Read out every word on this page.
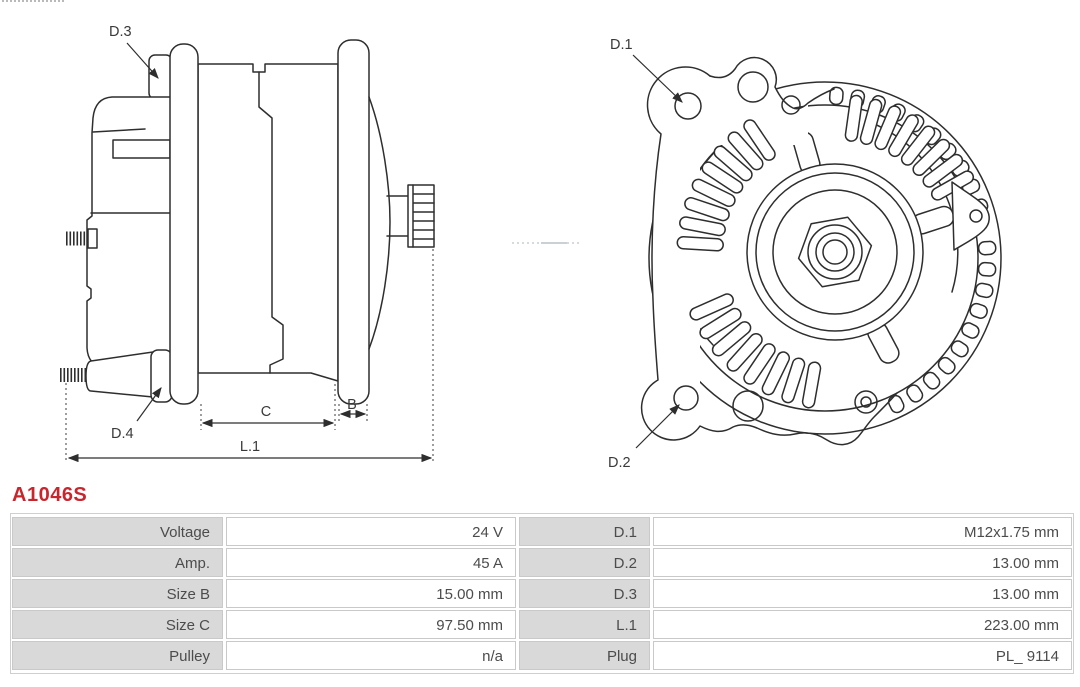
L.1
C	B
D.3
D.4
D.1
D.2
A1046S
Voltage	24 V	D.1	M12x1.75 mm
Amp.	45 A	D.2	13.00 mm
Size B	15.00 mm	D.3	13.00 mm
Size C	97.50 mm	L.1	223.00 mm
Pulley	n/a	Plug	PL_ 9114
